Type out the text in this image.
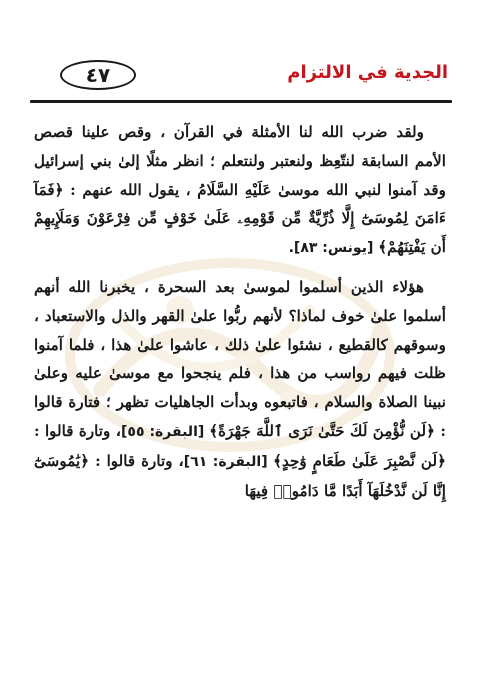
٤٧	الجدية في الالتزام

ولقد ضرب الله لنا الأمثلة في القرآن ، وقص علينا قصص الأمم السابقة لنتّعِظ ولنعتبر ولنتعلم ؛ انظر مثلًا إلىٰ بني إسرائيل وقد آمنوا لنبي الله موسىٰ عَلَيْهِ السَّلَامُ ، يقول الله عنهم : ﴿فَمَآ ءَامَنَ لِمُوسَىٰٓ إِلَّا ذُرِّيَّةٌ مِّن قَوْمِهِۦ عَلَىٰ خَوْفٍ مِّن فِرْعَوْنَ وَمَلَإِيهِمْ أَن يَفْتِنَهُمْ﴾ [يونس: ٨٣].

هؤلاء الذين أسلموا لموسىٰ بعد السحرة ، يخبرنا الله أنهم أسلموا علىٰ خوف لماذا؟ لأنهم ربُّوا علىٰ القهر والذل والاستعباد ، وسوقهم كالقطيع ، نشئوا علىٰ ذلك ، عاشوا علىٰ هذا ، فلما آمنوا ظلت فيهم رواسب من هذا ، فلم ينجحوا مع موسىٰ عليه وعلىٰ نبينا الصلاة والسلام ، فاتبعوه وبدأت الجاهليات تظهر ؛ فتارة قالوا : ﴿لَن نُّؤْمِنَ لَكَ حَتَّىٰ نَرَى ٱللَّهَ جَهْرَةً﴾ [البقرة: ٥٥]، وتارة قالوا : ﴿لَن نَّصْبِرَ عَلَىٰ طَعَامٍ وَٰحِدٍ﴾ [البقرة: ٦١]، وتارة قالوا : ﴿يَٰمُوسَىٰٓ إِنَّا لَن نَّدْخُلَهَآ أَبَدًا مَّا دَامُوا۟ فِيهَا
